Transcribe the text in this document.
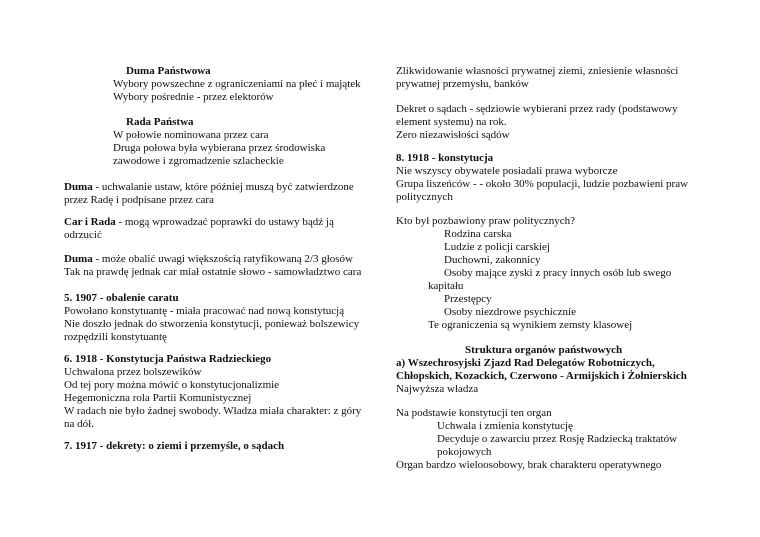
Duma Państwowa
Wybory powszechne z ograniczeniami na płeć i majątek
Wybory pośrednie - przez elektorów
Rada Państwa
W połowie nominowana przez cara
Druga połowa była wybierana przez środowiska
zawodowe i zgromadzenie szlacheckie
Duma - uchwalanie ustaw, które później muszą być zatwierdzone
przez Radę i podpisane przez cara
Car i Rada - mogą wprowadzać poprawki do ustawy bądź ją
odrzucić
Duma - może obalić uwagi większością ratyfikowaną 2/3 głosów
Tak na prawdę jednak car miał ostatnie słowo - samowładztwo cara
5. 1907 - obalenie caratu
Powołano konstytuantę - miała pracować nad nową konstytucją
Nie doszło jednak do stworzenia konstytucji, ponieważ bolszewicy
rozpędzili konstytuantę
6. 1918 - Konstytucja Państwa Radzieckiego
Uchwalona przez bolszewików
Od tej pory można mówić o konstytucjonalizmie
Hegemoniczna rola Partii Komunistycznej
W radach nie było żadnej swobody. Władza miała charakter: z góry
na dół.
7. 1917 - dekrety: o ziemi i przemyśle, o sądach
Zlikwidowanie własności prywatnej ziemi, zniesienie własności
prywatnej przemysłu, banków
Dekret o sądach - sędziowie wybierani przez rady (podstawowy
element systemu) na rok.
Zero niezawisłości sądów
8. 1918 - konstytucja
Nie wszyscy obywatele posiadali prawa wyborcze
Grupa liszeńców - - około 30% populacji, ludzie pozbawieni praw
politycznych
Kto był pozbawiony praw politycznych?
Rodzina carska
Ludzie z policji carskiej
Duchowni, zakonnicy
Osoby mające zyski z pracy innych osób lub swego
kapitału
Przestępcy
Osoby niezdrowe psychicznie
Te ograniczenia są wynikiem zemsty klasowej
Struktura organów państwowych
a) Wszechrosyjski Zjazd Rad Delegatów Robotniczych,
Chłopskich, Kozackich, Czerwono - Armijskich i Żołnierskich
Najwyższa władza
Na podstawie konstytucji ten organ
Uchwala i zmienia konstytucję
Decyduje o zawarciu przez Rosję Radziecką traktatów
pokojowych
Organ bardzo wieloosobowy, brak charakteru operatywnego
